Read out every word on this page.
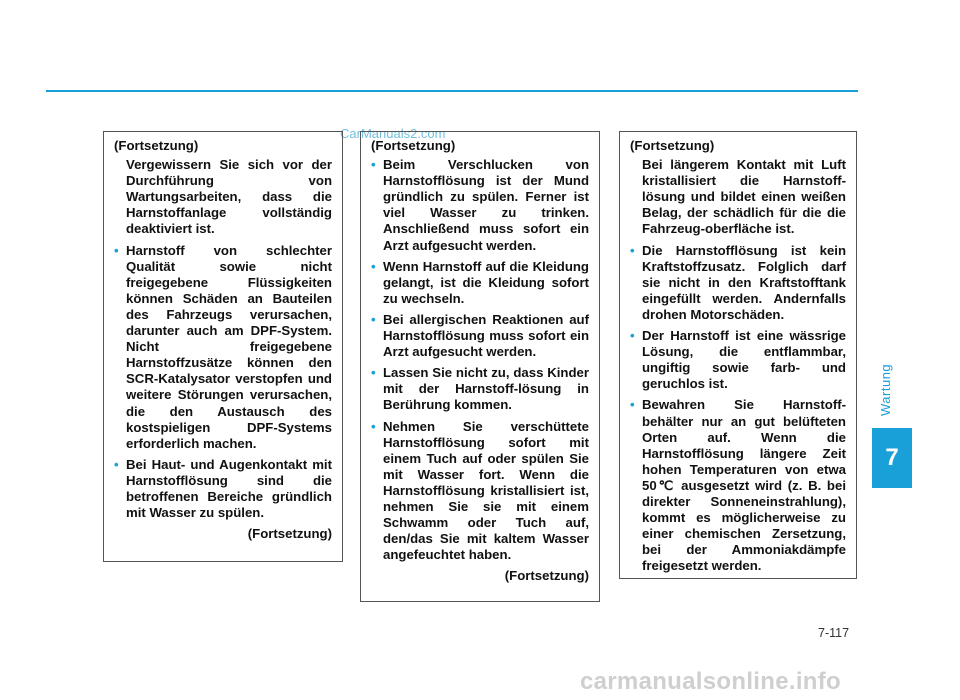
CarManuals2.com

(Fortsetzung)

Vergewissern Sie sich vor der Durchführung von Wartungsarbeiten, dass die Harnstoffanlage vollständig deaktiviert ist.

• Harnstoff von schlechter Qualität sowie nicht freigegebene Flüssigkeiten können Schäden an Bauteilen des Fahrzeugs verursachen, darunter auch am DPF-System. Nicht freigegebene Harnstoffzusätze können den SCR-Katalysator verstopfen und weitere Störungen verursachen, die den Austausch des kostspieligen DPF-Systems erforderlich machen.
• Bei Haut- und Augenkontakt mit Harnstofflösung sind die betroffenen Bereiche gründlich mit Wasser zu spülen.

(Fortsetzung)

(Fortsetzung)

• Beim Verschlucken von Harnstofflösung ist der Mund gründlich zu spülen. Ferner ist viel Wasser zu trinken. Anschließend muss sofort ein Arzt aufgesucht werden.
• Wenn Harnstoff auf die Kleidung gelangt, ist die Kleidung sofort zu wechseln.
• Bei allergischen Reaktionen auf Harnstofflösung muss sofort ein Arzt aufgesucht werden.
• Lassen Sie nicht zu, dass Kinder mit der Harnstoff-lösung in Berührung kommen.
• Nehmen Sie verschüttete Harnstofflösung sofort mit einem Tuch auf oder spülen Sie mit Wasser fort. Wenn die Harnstofflösung kristallisiert ist, nehmen Sie sie mit einem Schwamm oder Tuch auf, den/das Sie mit kaltem Wasser angefeuchtet haben.

(Fortsetzung)

(Fortsetzung)

Bei längerem Kontakt mit Luft kristallisiert die Harnstoff-lösung und bildet einen weißen Belag, der schädlich für die die Fahrzeug-oberfläche ist.

• Die Harnstofflösung ist kein Kraftstoffzusatz. Folglich darf sie nicht in den Kraftstofftank eingefüllt werden. Andernfalls drohen Motorschäden.
• Der Harnstoff ist eine wässrige Lösung, die entflammbar, ungiftig sowie farb- und geruchlos ist.
• Bewahren Sie Harnstoff-behälter nur an gut belüfteten Orten auf. Wenn die Harnstofflösung längere Zeit hohen Temperaturen von etwa 50℃ ausgesetzt wird (z. B. bei direkter Sonneneinstrahlung), kommt es möglicherweise zu einer chemischen Zersetzung, bei der Ammoniakdämpfe freigesetzt werden.
Wartung
7
7-117
carmanualsonline.info
